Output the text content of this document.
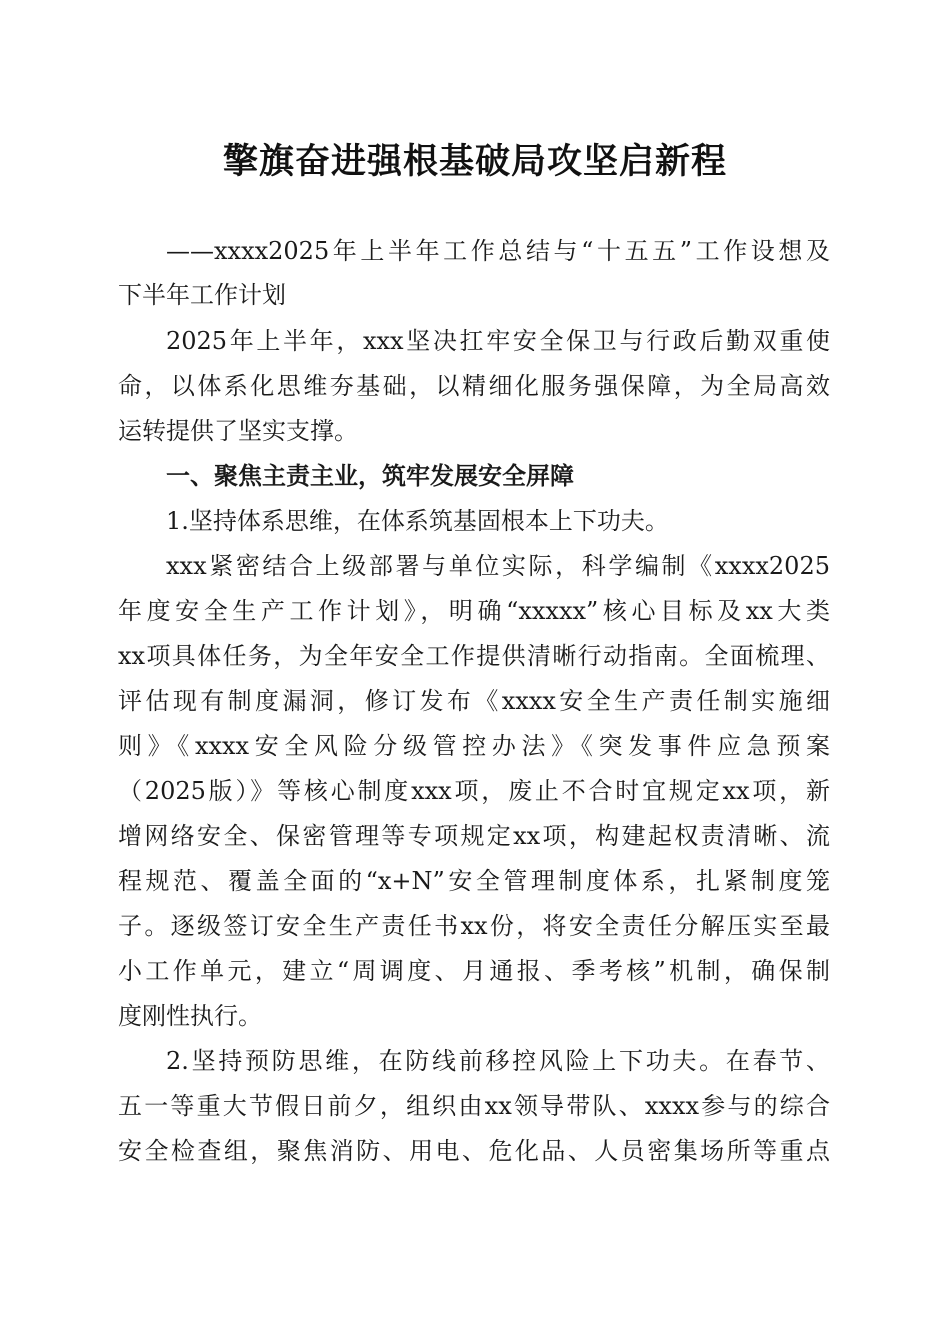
擎旗奋进强根基破局攻坚启新程
——xxxx2025年上半年工作总结与“十五五”工作设想及
下半年工作计划
2025年上半年，xxx坚决扛牢安全保卫与行政后勤双重使
命，以体系化思维夯基础，以精细化服务强保障，为全局高效
运转提供了坚实支撑。
一、聚焦主责主业，筑牢发展安全屏障
1.坚持体系思维，在体系筑基固根本上下功夫。
xxx紧密结合上级部署与单位实际，科学编制《xxxx2025
年度安全生产工作计划》，明确“xxxxx”核心目标及xx大类
xx项具体任务，为全年安全工作提供清晰行动指南。全面梳理、
评估现有制度漏洞，修订发布《xxxx安全生产责任制实施细
则》《xxxx安全风险分级管控办法》《突发事件应急预案
（2025版）》等核心制度xxx项，废止不合时宜规定xx项，新
增网络安全、保密管理等专项规定xx项，构建起权责清晰、流
程规范、覆盖全面的“x+N”安全管理制度体系，扎紧制度笼
子。逐级签订安全生产责任书xx份，将安全责任分解压实至最
小工作单元，建立“周调度、月通报、季考核”机制，确保制
度刚性执行。
2.坚持预防思维，在防线前移控风险上下功夫。在春节、
五一等重大节假日前夕，组织由xx领导带队、xxxx参与的综合
安全检查组，聚焦消防、用电、危化品、人员密集场所等重点
